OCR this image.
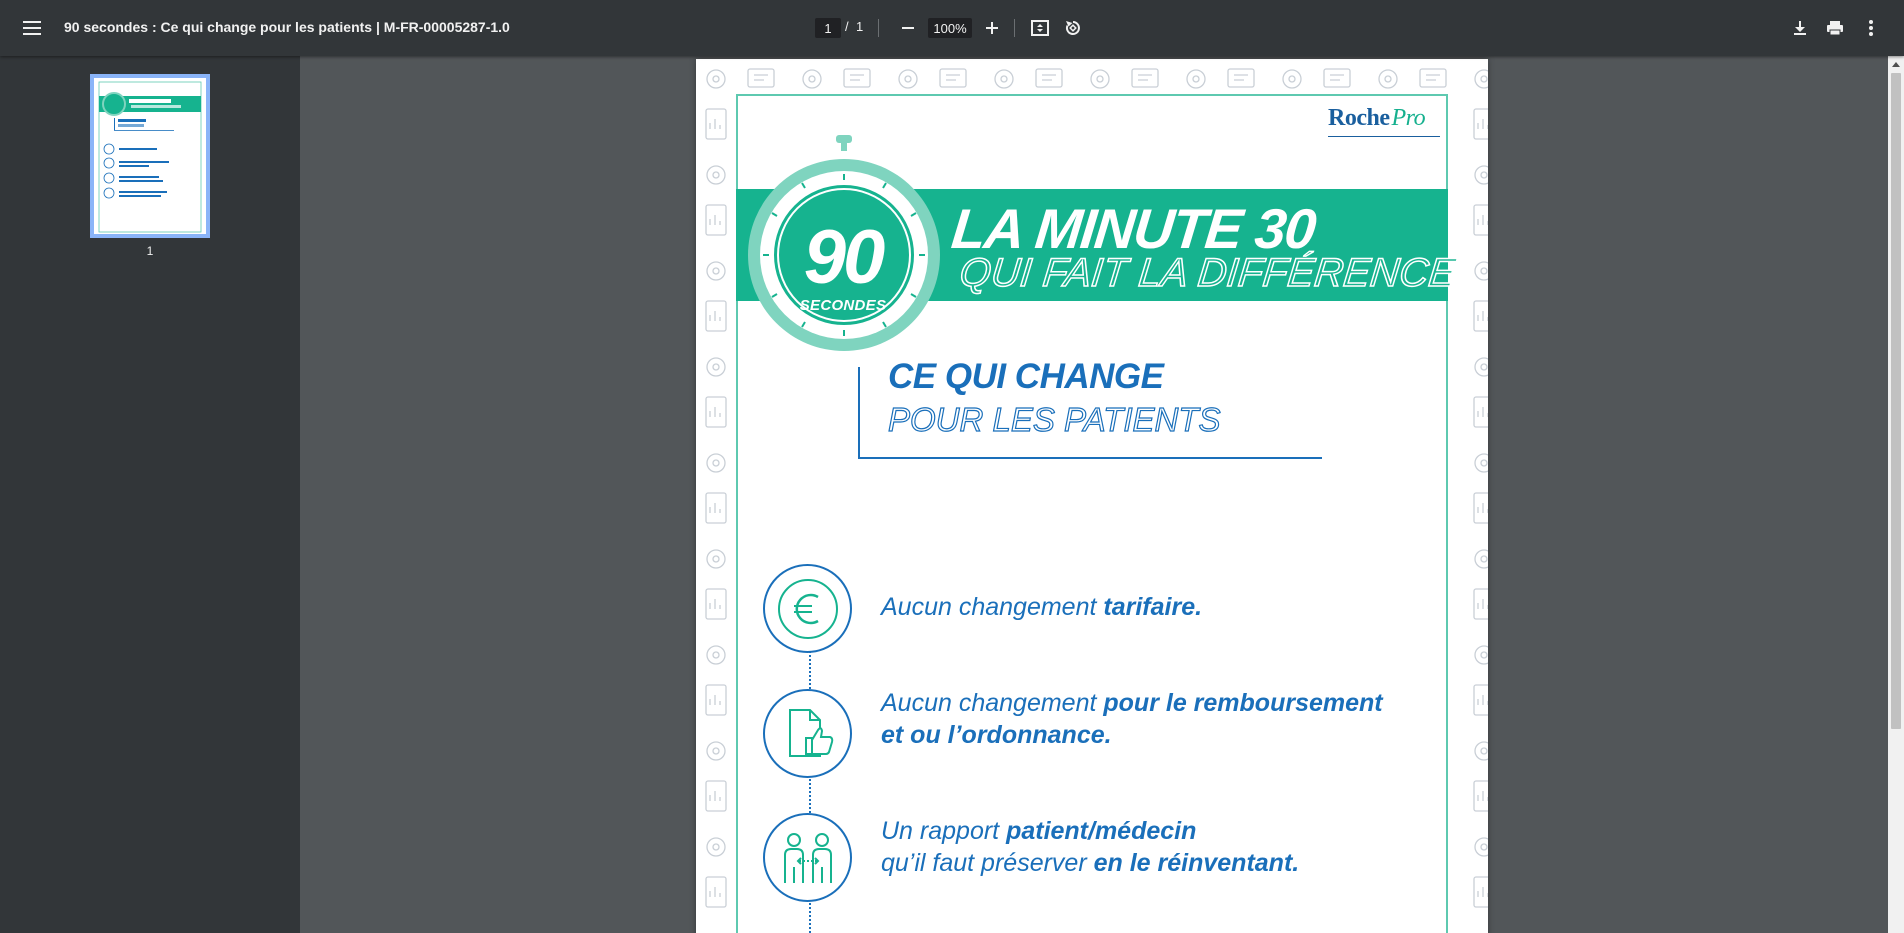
90 secondes : Ce qui change pour les patients | M-FR-00005287-1.0	1	/ 1	100%
1
RochePro
LA MINUTE 30
QUI FAIT LA DIFFÉRENCE
90
SECONDES
CE QUI CHANGE
POUR LES PATIENTS
Aucun changement tarifaire.
Aucun changement pour le remboursement
et ou l’ordonnance.
Un rapport patient/médecin
qu’il faut préserver en le réinventant.
